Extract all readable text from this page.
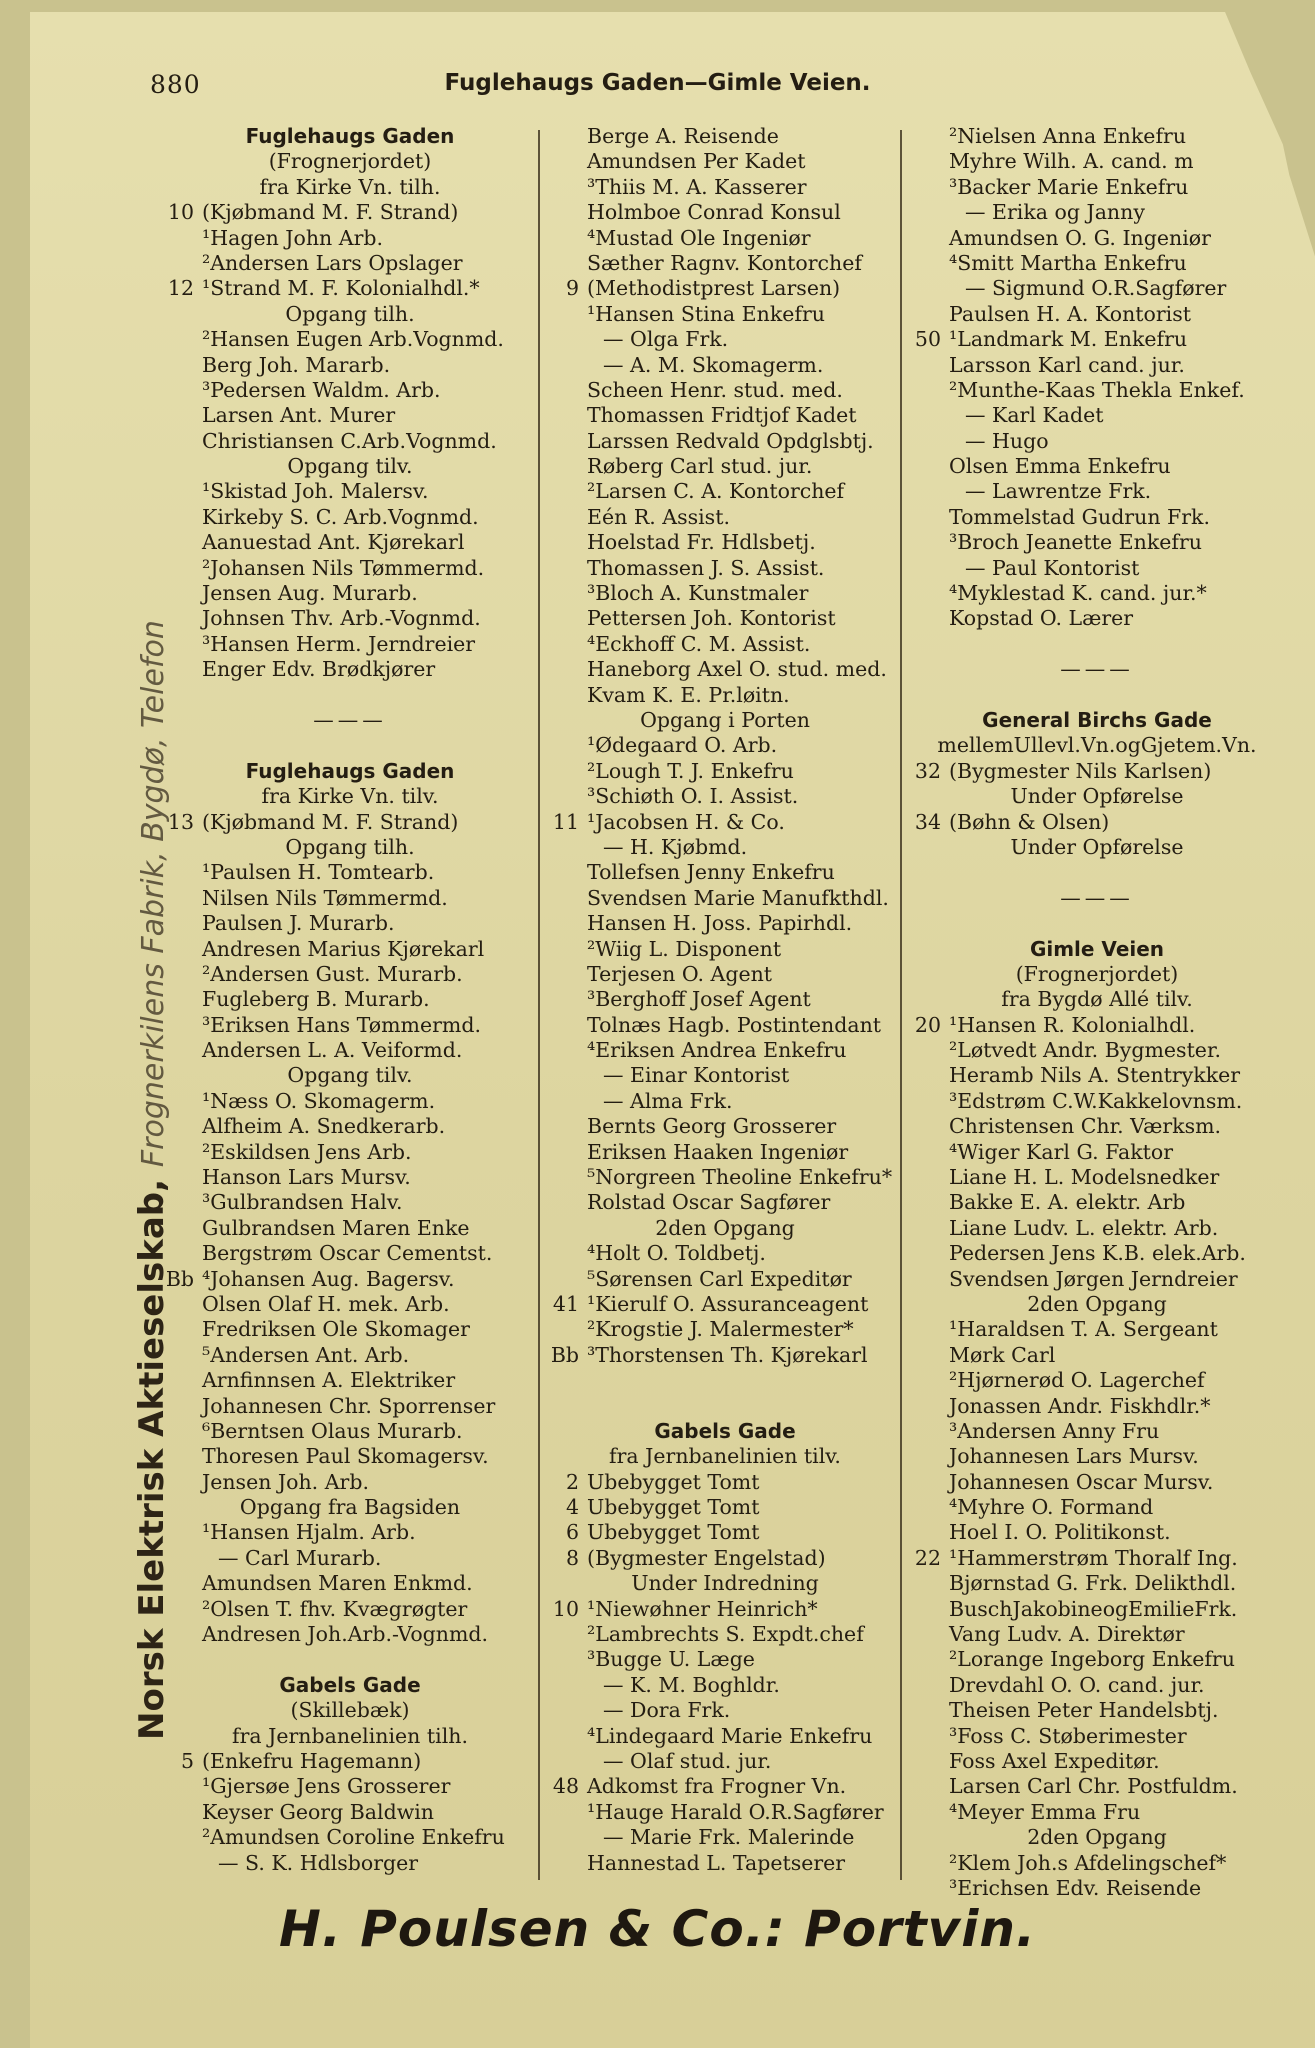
880	Fuglehaugs Gaden—Gimle Veien.
Fuglehaugs Gaden
(Frognerjordet)
fra Kirke Vn. tilh.
10 (Kjøbmand M. F. Strand)
¹Hagen John Arb.
²Andersen Lars Opslager
12 ¹Strand M. F. Kolonialhdl.*
Opgang tilh.
²Hansen Eugen Arb.Vognmd.
Berg Joh. Mararb.
³Pedersen Waldm. Arb.
Larsen Ant. Murer
Christiansen C.Arb.Vognmd.
Opgang tilv.
¹Skistad Joh. Malersv.
Kirkeby S. C. Arb.Vognmd.
Aanuestad Ant. Kjørekarl
²Johansen Nils Tømmermd.
Jensen Aug. Murarb.
Johnsen Thv. Arb.-Vognmd.
³Hansen Herm. Jerndreier
Enger Edv. Brødkjører
———
Fuglehaugs Gaden
fra Kirke Vn. tilv.
13 (Kjøbmand M. F. Strand)
Opgang tilh.
¹Paulsen H. Tomtearb.
Nilsen Nils Tømmermd.
Paulsen J. Murarb.
Andresen Marius Kjørekarl
²Andersen Gust. Murarb.
Fugleberg B. Murarb.
³Eriksen Hans Tømmermd.
Andersen L. A. Veiformd.
Opgang tilv.
¹Næss O. Skomagerm.
Alfheim A. Snedkerarb.
²Eskildsen Jens Arb.
Hanson Lars Mursv.
³Gulbrandsen Halv.
Gulbrandsen Maren Enke
Bergstrøm Oscar Cementst.
Bb ⁴Johansen Aug. Bagersv.
Olsen Olaf H. mek. Arb.
Fredriksen Ole Skomager
⁵Andersen Ant. Arb.
Arnfinnsen A. Elektriker
Johannesen Chr. Sporrenser
⁶Berntsen Olaus Murarb.
Thoresen Paul Skomagersv.
Jensen Joh. Arb.
Opgang fra Bagsiden
¹Hansen Hjalm. Arb.
— Carl Murarb.
Amundsen Maren Enkmd.
²Olsen T. fhv. Kvægrøgter
Andresen Joh.Arb.-Vognmd.
Gabels Gade
(Skillebæk)
fra Jernbanelinien tilh.
5 (Enkefru Hagemann)
¹Gjersøe Jens Grosserer
Keyser Georg Baldwin
²Amundsen Coroline Enkefru
— S. K. Hdlsborger
Berge A. Reisende
Amundsen Per Kadet
³Thiis M. A. Kasserer
Holmboe Conrad Konsul
⁴Mustad Ole Ingeniør
Sæther Ragnv. Kontorchef
9 (Methodistprest Larsen)
¹Hansen Stina Enkefru
— Olga Frk.
— A. M. Skomagerm.
Scheen Henr. stud. med.
Thomassen Fridtjof Kadet
Larssen Redvald Opdglsbtj.
Røberg Carl stud. jur.
²Larsen C. A. Kontorchef
Eén R. Assist.
Hoelstad Fr. Hdlsbetj.
Thomassen J. S. Assist.
³Bloch A. Kunstmaler
Pettersen Joh. Kontorist
⁴Eckhoff C. M. Assist.
Haneborg Axel O. stud. med.
Kvam K. E. Pr.løitn.
Opgang i Porten
¹Ødegaard O. Arb.
²Lough T. J. Enkefru
³Schiøth O. I. Assist.
11 ¹Jacobsen H. & Co.
— H. Kjøbmd.
Tollefsen Jenny Enkefru
Svendsen Marie Manufkthdl.
Hansen H. Joss. Papirhdl.
²Wiig L. Disponent
Terjesen O. Agent
³Berghoff Josef Agent
Tolnæs Hagb. Postintendant
⁴Eriksen Andrea Enkefru
— Einar Kontorist
— Alma Frk.
Bernts Georg Grosserer
Eriksen Haaken Ingeniør
⁵Norgreen Theoline Enkefru*
Rolstad Oscar Sagfører
2den Opgang
⁴Holt O. Toldbetj.
⁵Sørensen Carl Expeditør
41 ¹Kierulf O. Assuranceagent
²Krogstie J. Malermester*
Bb ³Thorstensen Th. Kjørekarl
Gabels Gade
fra Jernbanelinien tilv.
2 Ubebygget Tomt
4 Ubebygget Tomt
6 Ubebygget Tomt
8 (Bygmester Engelstad)
Under Indredning
10 ¹Niewøhner Heinrich*
²Lambrechts S. Expdt.chef
³Bugge U. Læge
— K. M. Boghldr.
— Dora Frk.
⁴Lindegaard Marie Enkefru
— Olaf stud. jur.
48 Adkomst fra Frogner Vn.
¹Hauge Harald O.R.Sagfører
— Marie Frk. Malerinde
Hannestad L. Tapetserer
²Nielsen Anna Enkefru
Myhre Wilh. A. cand. m
³Backer Marie Enkefru
— Erika og Janny
Amundsen O. G. Ingeniør
⁴Smitt Martha Enkefru
— Sigmund O.R.Sagfører
Paulsen H. A. Kontorist
50 ¹Landmark M. Enkefru
Larsson Karl cand. jur.
²Munthe-Kaas Thekla Enkef.
— Karl Kadet
— Hugo
Olsen Emma Enkefru
— Lawrentze Frk.
Tommelstad Gudrun Frk.
³Broch Jeanette Enkefru
— Paul Kontorist
⁴Myklestad K. cand. jur.*
Kopstad O. Lærer
———
General Birchs Gade
mellemUllevl.Vn.ogGjetem.Vn.
32 (Bygmester Nils Karlsen)
Under Opførelse
34 (Bøhn & Olsen)
Under Opførelse
———
Gimle Veien
(Frognerjordet)
fra Bygdø Allé tilv.
20 ¹Hansen R. Kolonialhdl.
²Løtvedt Andr. Bygmester.
Heramb Nils A. Stentrykker
³Edstrøm C.W.Kakkelovnsm.
Christensen Chr. Værksm.
⁴Wiger Karl G. Faktor
Liane H. L. Modelsnedker
Bakke E. A. elektr. Arb
Liane Ludv. L. elektr. Arb.
Pedersen Jens K.B. elek.Arb.
Svendsen Jørgen Jerndreier
2den Opgang
¹Haraldsen T. A. Sergeant
Mørk Carl
²Hjørnerød O. Lagerchef
Jonassen Andr. Fiskhdlr.*
³Andersen Anny Fru
Johannesen Lars Mursv.
Johannesen Oscar Mursv.
⁴Myhre O. Formand
Hoel I. O. Politikonst.
22 ¹Hammerstrøm Thoralf Ing.
Bjørnstad G. Frk. Delikthdl.
BuschJakobineogEmilieFrk.
Vang Ludv. A. Direktør
²Lorange Ingeborg Enkefru
Drevdahl O. O. cand. jur.
Theisen Peter Handelsbtj.
³Foss C. Støberimester
Foss Axel Expeditør.
Larsen Carl Chr. Postfuldm.
⁴Meyer Emma Fru
2den Opgang
²Klem Joh.s Afdelingschef*
³Erichsen Edv. Reisende
Norsk Elektrisk Aktieselskab, Frognerkilens Fabrik, Bygdø, Telefon
H. Poulsen & Co.: Portvin.
